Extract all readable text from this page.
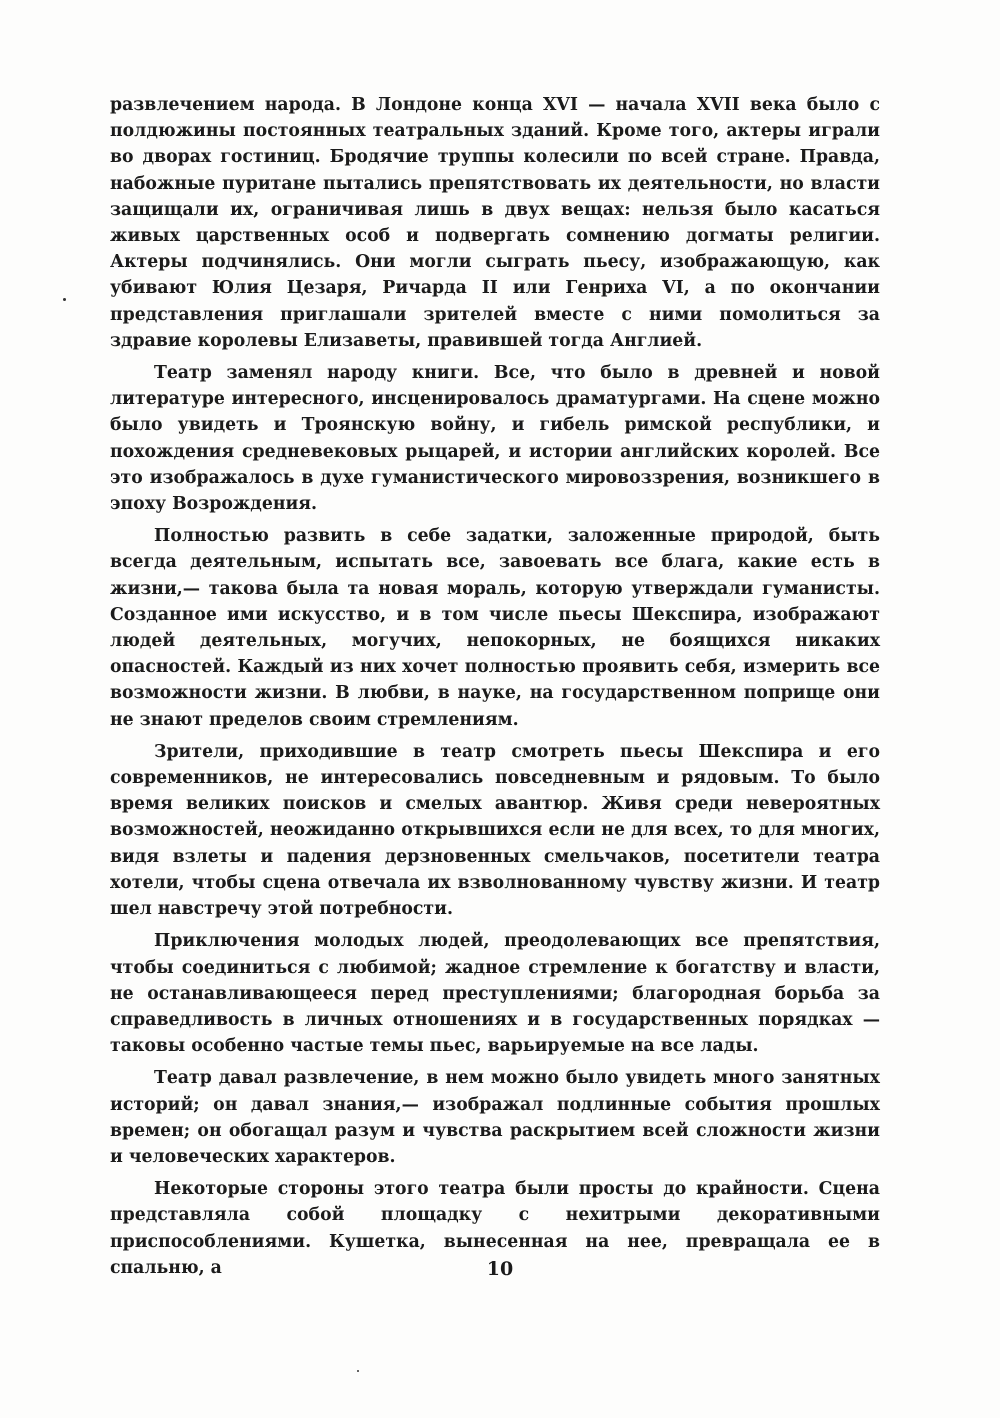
развлечением народа. В Лондоне конца XVI — начала XVII века было с полдюжины постоянных театральных зданий. Кроме того, актеры играли во дворах гостиниц. Бродячие труппы колесили по всей стране. Правда, набожные пуритане пытались препятствовать их деятельности, но власти защищали их, ограничивая лишь в двух вещах: нельзя было касаться живых царственных особ и подвергать сомнению догматы религии. Актеры подчинялись. Они могли сыграть пьесу, изображающую, как убивают Юлия Цезаря, Ричарда II или Генриха VI, а по окончании представления приглашали зрителей вместе с ними помолиться за здравие королевы Елизаветы, правившей тогда Англией.

Театр заменял народу книги. Все, что было в древней и новой литературе интересного, инсценировалось драматургами. На сцене можно было увидеть и Троянскую войну, и гибель римской республики, и похождения средневековых рыцарей, и истории английских королей. Все это изображалось в духе гуманистического мировоззрения, возникшего в эпоху Возрождения.

Полностью развить в себе задатки, заложенные природой, быть всегда деятельным, испытать все, завоевать все блага, какие есть в жизни,— такова была та новая мораль, которую утверждали гуманисты. Созданное ими искусство, и в том числе пьесы Шекспира, изображают людей деятельных, могучих, непокорных, не боящихся никаких опасностей. Каждый из них хочет полностью проявить себя, измерить все возможности жизни. В любви, в науке, на государственном поприще они не знают пределов своим стремлениям.

Зрители, приходившие в театр смотреть пьесы Шекспира и его современников, не интересовались повседневным и рядовым. То было время великих поисков и смелых авантюр. Живя среди невероятных возможностей, неожиданно открывшихся если не для всех, то для многих, видя взлеты и падения дерзновенных смельчаков, посетители театра хотели, чтобы сцена отвечала их взволнованному чувству жизни. И театр шел навстречу этой потребности.

Приключения молодых людей, преодолевающих все препятствия, чтобы соединиться с любимой; жадное стремление к богатству и власти, не останавливающееся перед преступлениями; благородная борьба за справедливость в личных отношениях и в государственных порядках — таковы особенно частые темы пьес, варьируемые на все лады.

Театр давал развлечение, в нем можно было увидеть много занятных историй; он давал знания,— изображал подлинные события прошлых времен; он обогащал разум и чувства раскрытием всей сложности жизни и человеческих характеров.

Некоторые стороны этого театра были просты до крайности. Сцена представляла собой площадку с нехитрыми декоративными приспособлениями. Кушетка, вынесенная на нее, превращала ее в спальню, а	10
